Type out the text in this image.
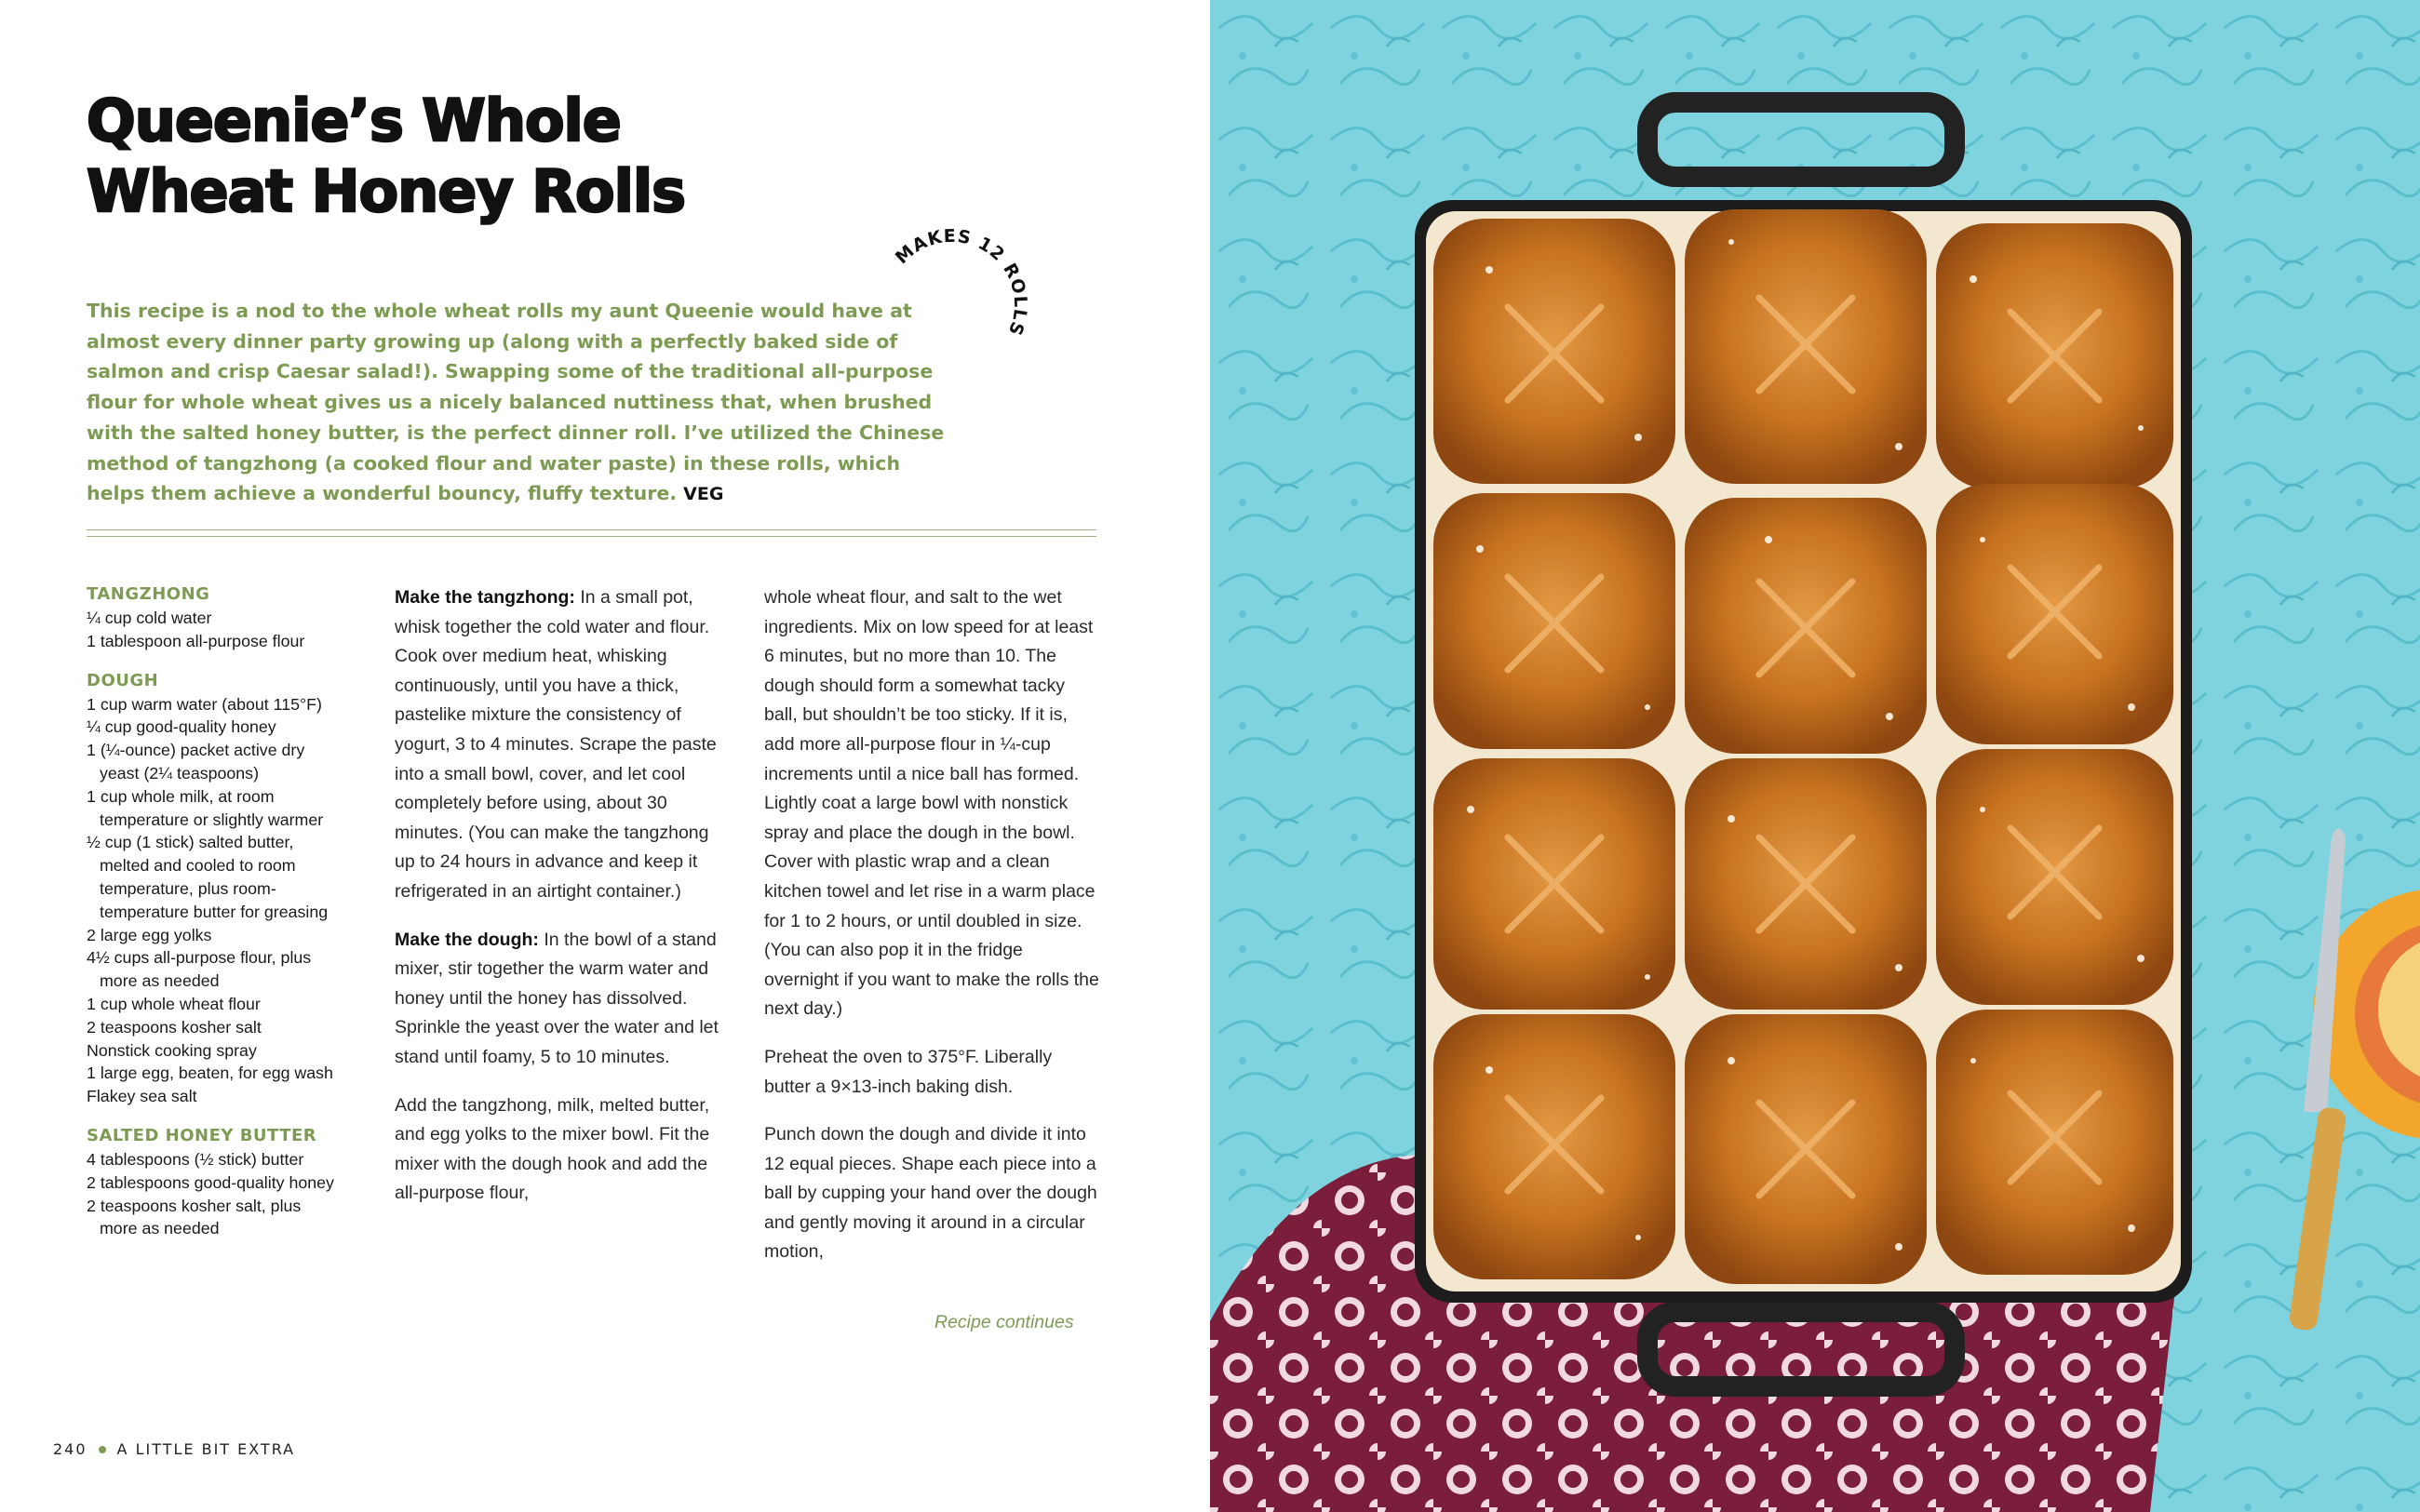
Queenie’s Whole
Wheat Honey Rolls
MAKES 12 ROLLS

This recipe is a nod to the whole wheat rolls my aunt Queenie would have at almost every dinner party growing up (along with a perfectly baked side of salmon and crisp Caesar salad!). Swapping some of the traditional all-purpose flour for whole wheat gives us a nicely balanced nuttiness that, when brushed with the salted honey butter, is the perfect dinner roll. I’ve utilized the Chinese method of tangzhong (a cooked flour and water paste) in these rolls, which helps them achieve a wonderful bouncy, fluffy texture. VEG

TANGZHONG

¼ cup cold water
1 tablespoon all-purpose flour

DOUGH

1 cup warm water (about 115°F)
¼ cup good-quality honey
1 (¼-ounce) packet active dry
yeast (2¼ teaspoons)
1 cup whole milk, at room
temperature or slightly warmer
½ cup (1 stick) salted butter,
melted and cooled to room
temperature, plus room-
temperature butter for greasing
2 large egg yolks
4½ cups all-purpose flour, plus
more as needed
1 cup whole wheat flour
2 teaspoons kosher salt
Nonstick cooking spray
1 large egg, beaten, for egg wash
Flakey sea salt

SALTED HONEY BUTTER

4 tablespoons (½ stick) butter
2 tablespoons good-quality honey
2 teaspoons kosher salt, plus
more as needed

Make the tangzhong: In a small pot, whisk together the cold water and flour. Cook over medium heat, whisking continuously, until you have a thick, pastelike mixture the consistency of yogurt, 3 to 4 minutes. Scrape the paste into a small bowl, cover, and let cool completely before using, about 30 minutes. (You can make the tangzhong up to 24 hours in advance and keep it refrigerated in an airtight container.)

Make the dough: In the bowl of a stand mixer, stir together the warm water and honey until the honey has dissolved. Sprinkle the yeast over the water and let stand until foamy, 5 to 10 minutes.

Add the tangzhong, milk, melted butter, and egg yolks to the mixer bowl. Fit the mixer with the dough hook and add the all-purpose flour,

whole wheat flour, and salt to the wet ingredients. Mix on low speed for at least 6 minutes, but no more than 10. The dough should form a somewhat tacky ball, but shouldn’t be too sticky. If it is, add more all-purpose flour in ¼-cup increments until a nice ball has formed. Lightly coat a large bowl with nonstick spray and place the dough in the bowl. Cover with plastic wrap and a clean kitchen towel and let rise in a warm place for 1 to 2 hours, or until doubled in size. (You can also pop it in the fridge overnight if you want to make the rolls the next day.)

Preheat the oven to 375°F. Liberally butter a 9×13-inch baking dish.

Punch down the dough and divide it into 12 equal pieces. Shape each piece into a ball by cupping your hand over the dough and gently moving it around in a circular motion,

Recipe continues
240 A LITTLE BIT EXTRA
